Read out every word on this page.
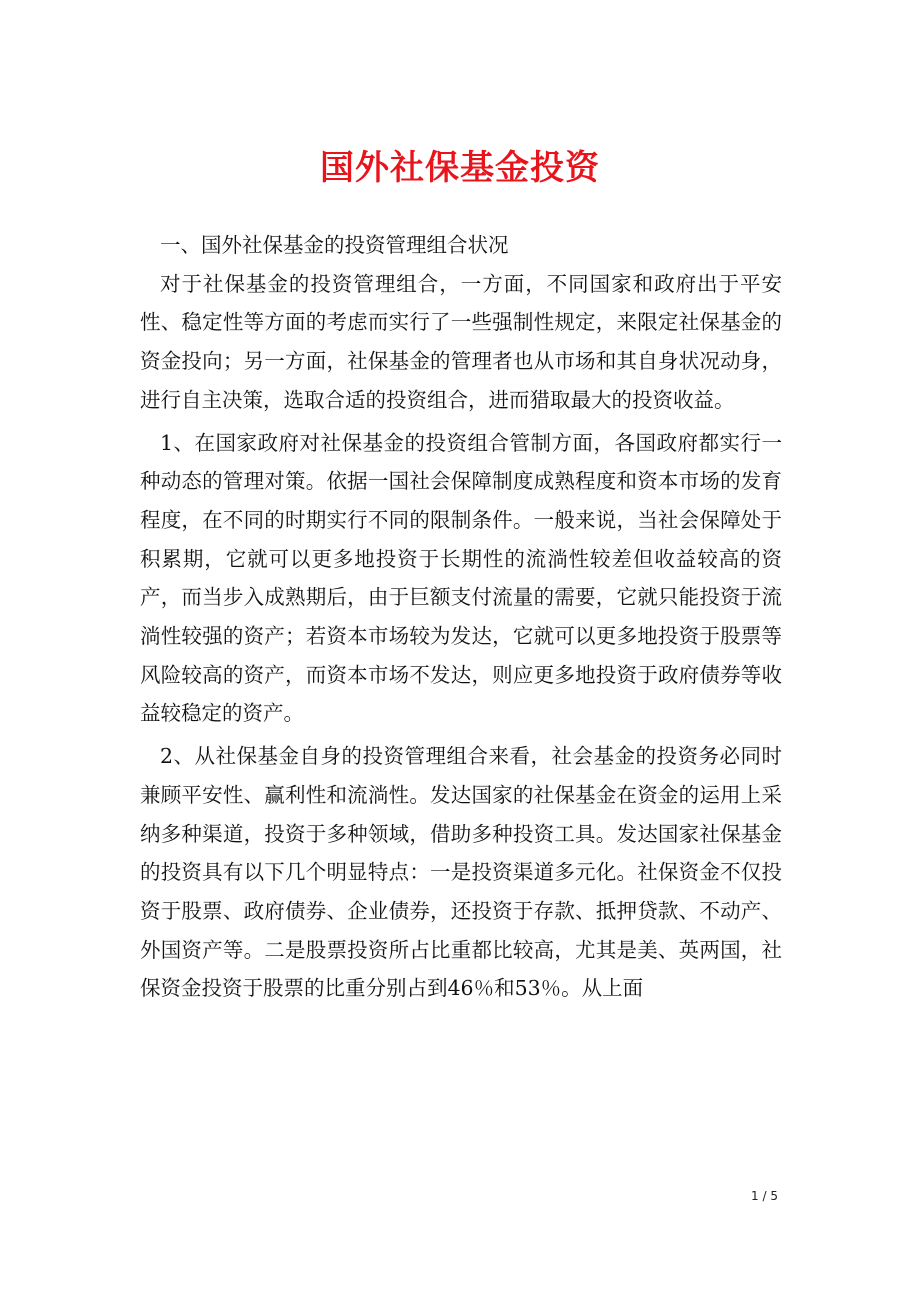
国外社保基金投资

一、国外社保基金的投资管理组合状况

对于社保基金的投资管理组合，一方面，不同国家和政府出于平安性、稳定性等方面的考虑而实行了一些强制性规定，来限定社保基金的资金投向；另一方面，社保基金的管理者也从市场和其自身状况动身，进行自主决策，选取合适的投资组合，进而猎取最大的投资收益。

1、在国家政府对社保基金的投资组合管制方面，各国政府都实行一种动态的管理对策。依据一国社会保障制度成熟程度和资本市场的发育程度，在不同的时期实行不同的限制条件。一般来说，当社会保障处于积累期，它就可以更多地投资于长期性的流淌性较差但收益较高的资产，而当步入成熟期后，由于巨额支付流量的需要，它就只能投资于流淌性较强的资产；若资本市场较为发达，它就可以更多地投资于股票等风险较高的资产，而资本市场不发达，则应更多地投资于政府债券等收益较稳定的资产。

2、从社保基金自身的投资管理组合来看，社会基金的投资务必同时兼顾平安性、赢利性和流淌性。发达国家的社保基金在资金的运用上采纳多种渠道，投资于多种领域，借助多种投资工具。发达国家社保基金的投资具有以下几个明显特点：一是投资渠道多元化。社保资金不仅投资于股票、政府债券、企业债券，还投资于存款、抵押贷款、不动产、外国资产等。二是股票投资所占比重都比较高，尤其是美、英两国，社保资金投资于股票的比重分别占到46％和53％。从上面

1 / 5
